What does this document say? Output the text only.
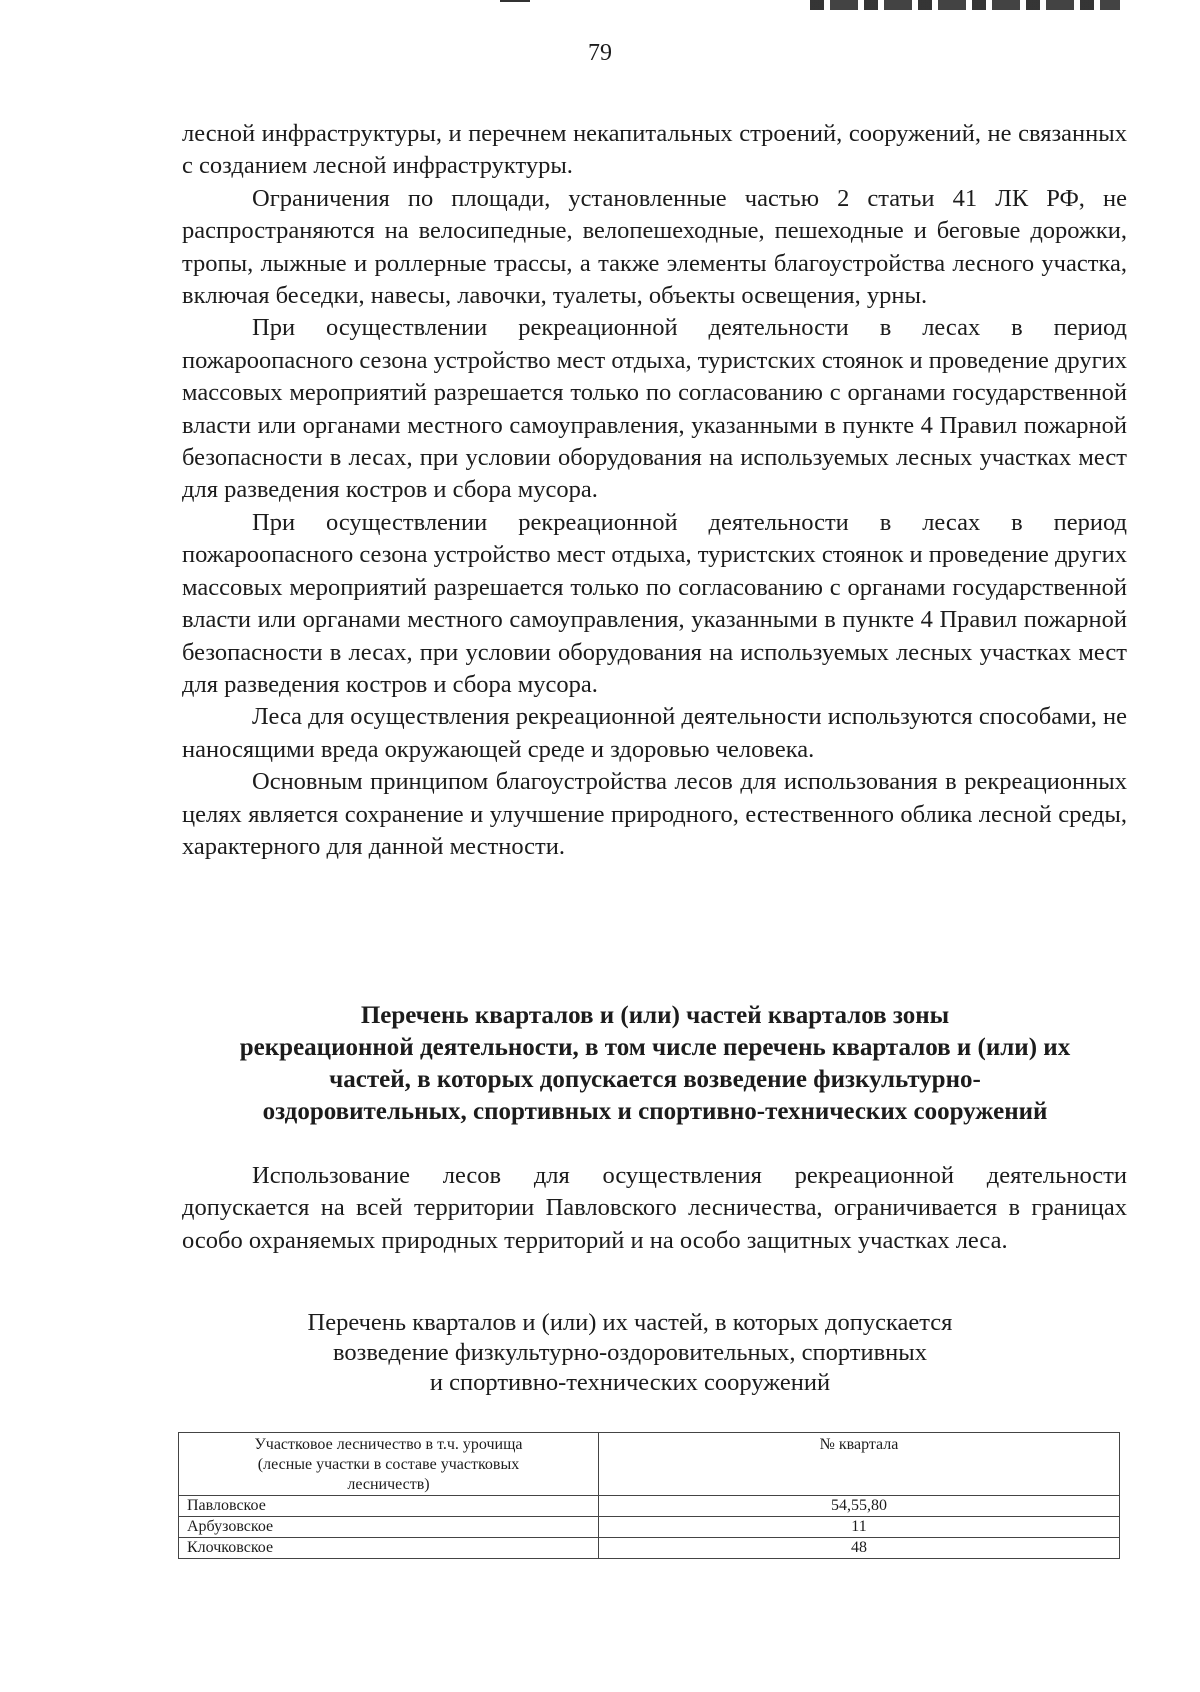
79

лесной инфраструктуры, и перечнем некапитальных строений, сооружений, не связанных с созданием лесной инфраструктуры.

Ограничения по площади, установленные частью 2 статьи 41 ЛК РФ, не распространяются на велосипедные, велопешеходные, пешеходные и беговые дорожки, тропы, лыжные и роллерные трассы, а также элементы благоустройства лесного участка, включая беседки, навесы, лавочки, туалеты, объекты освещения, урны.

При осуществлении рекреационной деятельности в лесах в период пожароопасного сезона устройство мест отдыха, туристских стоянок и проведение других массовых мероприятий разрешается только по согласованию с органами государственной власти или органами местного самоуправления, указанными в пункте 4 Правил пожарной безопасности в лесах, при условии оборудования на используемых лесных участках мест для разведения костров и сбора мусора.

При осуществлении рекреационной деятельности в лесах в период пожароопасного сезона устройство мест отдыха, туристских стоянок и проведение других массовых мероприятий разрешается только по согласованию с органами государственной власти или органами местного самоуправления, указанными в пункте 4 Правил пожарной безопасности в лесах, при условии оборудования на используемых лесных участках мест для разведения костров и сбора мусора.

Леса для осуществления рекреационной деятельности используются способами, не наносящими вреда окружающей среде и здоровью человека.

Основным принципом благоустройства лесов для использования в рекреационных целях является сохранение и улучшение природного, естественного облика лесной среды, характерного для данной местности.

Перечень кварталов и (или) частей кварталов зоны
рекреационной деятельности, в том числе перечень кварталов и (или) их
частей, в которых допускается возведение физкультурно-
оздоровительных, спортивных и спортивно-технических сооружений

Использование лесов для осуществления рекреационной деятельности допускается на всей территории Павловского лесничества, ограничивается в границах особо охраняемых природных территорий и на особо защитных участках леса.

Перечень кварталов и (или) их частей, в которых допускается
возведение физкультурно-оздоровительных, спортивных
и спортивно-технических сооружений
Участковое лесничество в т.ч. урочища
(лесные участки в составе участковых
лесничеств)	№ квартала
Павловское	54,55,80
Арбузовское	11
Клочковское	48
